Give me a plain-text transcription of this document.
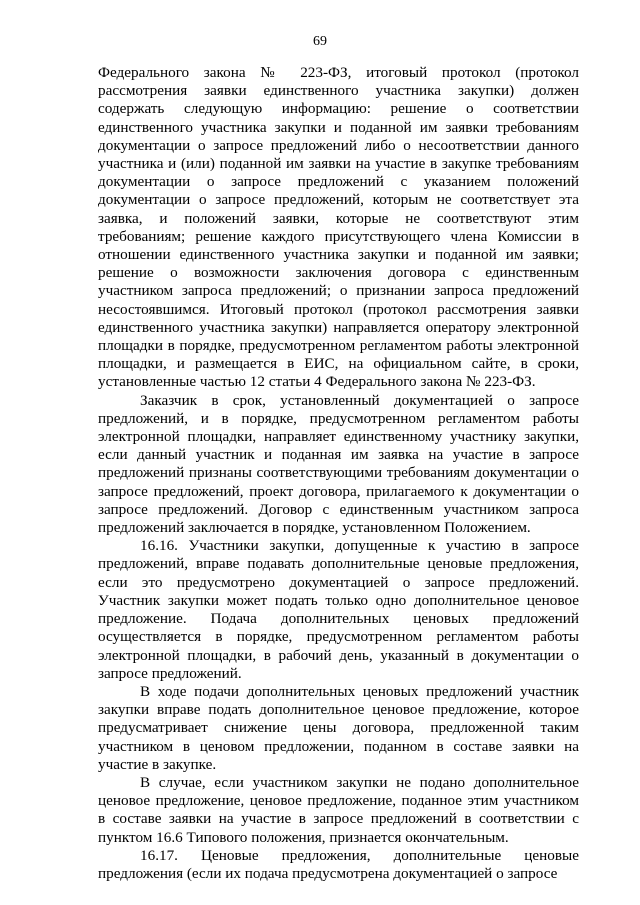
69

Федерального закона № 223-ФЗ, итоговый протокол (протокол рассмотрения заявки единственного участника закупки) должен содержать следующую информацию: решение о соответствии единственного участника закупки и поданной им заявки требованиям документации о запросе предложений либо о несоответствии данного участника и (или) поданной им заявки на участие в закупке требованиям документации о запросе предложений с указанием положений документации о запросе предложений, которым не соответствует эта заявка, и положений заявки, которые не соответствуют этим требованиям; решение каждого присутствующего члена Комиссии в отношении единственного участника закупки и поданной им заявки; решение о возможности заключения договора с единственным участником запроса предложений; о признании запроса предложений несостоявшимся. Итоговый протокол (протокол рассмотрения заявки единственного участника закупки) направляется оператору электронной площадки в порядке, предусмотренном регламентом работы электронной площадки, и размещается в ЕИС, на официальном сайте, в сроки, установленные частью 12 статьи 4 Федерального закона № 223-ФЗ.

Заказчик в срок, установленный документацией о запросе предложений, и в порядке, предусмотренном регламентом работы электронной площадки, направляет единственному участнику закупки, если данный участник и поданная им заявка на участие в запросе предложений признаны соответствующими требованиям документации о запросе предложений, проект договора, прилагаемого к документации о запросе предложений. Договор с единственным участником запроса предложений заключается в порядке, установленном Положением.

16.16. Участники закупки, допущенные к участию в запросе предложений, вправе подавать дополнительные ценовые предложения, если это предусмотрено документацией о запросе предложений. Участник закупки может подать только одно дополнительное ценовое предложение. Подача дополнительных ценовых предложений осуществляется в порядке, предусмотренном регламентом работы электронной площадки, в рабочий день, указанный в документации о запросе предложений.

В ходе подачи дополнительных ценовых предложений участник закупки вправе подать дополнительное ценовое предложение, которое предусматривает снижение цены договора, предложенной таким участником в ценовом предложении, поданном в составе заявки на участие в закупке.

В случае, если участником закупки не подано дополнительное ценовое предложение, ценовое предложение, поданное этим участником в составе заявки на участие в запросе предложений в соответствии с пунктом 16.6 Типового положения, признается окончательным.

16.17. Ценовые предложения, дополнительные ценовые предложения (если их подача предусмотрена документацией о запросе
